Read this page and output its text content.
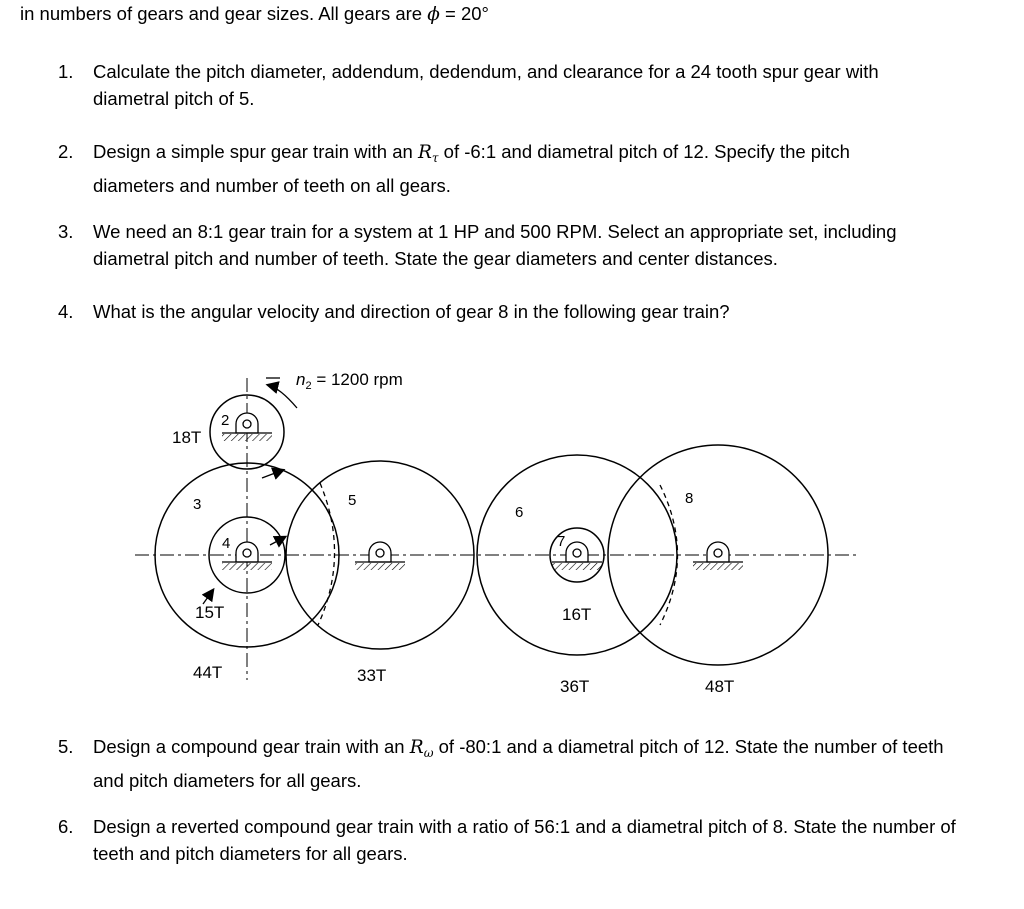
in numbers of gears and gear sizes. All gears are ϕ = 20°
1. Calculate the pitch diameter, addendum, dedendum, and clearance for a 24 tooth spur gear with diametral pitch of 5.
2. Design a simple spur gear train with an $R_\tau$ of -6:1 and diametral pitch of 12. Specify the pitch diameters and number of teeth on all gears.
3. We need an 8:1 gear train for a system at 1 HP and 500 RPM. Select an appropriate set, including diametral pitch and number of teeth. State the gear diameters and center distances.
4. What is the angular velocity and direction of gear 8 in the following gear train?
5. Design a compound gear train with an $R_\omega$ of -80:1 and a diametral pitch of 12. State the number of teeth and pitch diameters for all gears.
6. Design a reverted compound gear train with a ratio of 56:1 and a diametral pitch of 8. State the number of teeth and pitch diameters for all gears.
$n_2 = 1200$ rpm
2
3
4
5
6
7
8
18T
15T
44T	33T
16T
36T	48T
